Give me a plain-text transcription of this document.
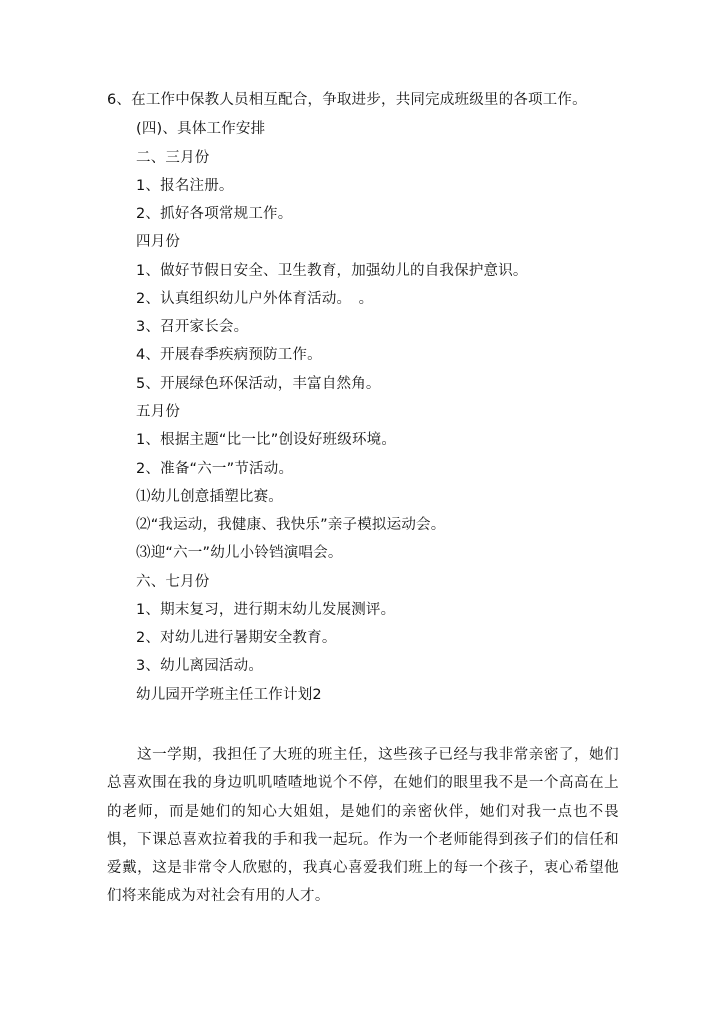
6、在工作中保教人员相互配合，争取进步，共同完成班级里的各项工作。
(四)、具体工作安排
二、三月份
1、报名注册。
2、抓好各项常规工作。
四月份
1、做好节假日安全、卫生教育，加强幼儿的自我保护意识。
2、认真组织幼儿户外体育活动。　。
3、召开家长会。
4、开展春季疾病预防工作。
5、开展绿色环保活动，丰富自然角。
五月份
1、根据主题“比一比”创设好班级环境。
2、准备“六一”节活动。
⑴幼儿创意插塑比赛。
⑵“我运动，我健康、我快乐”亲子模拟运动会。
⑶迎“六一”幼儿小铃铛演唱会。
六、七月份
1、期末复习，进行期末幼儿发展测评。
2、对幼儿进行暑期安全教育。
3、幼儿离园活动。
幼儿园开学班主任工作计划2
这一学期，我担任了大班的班主任，这些孩子已经与我非常亲密了，她们总喜欢围在我的身边叽叽喳喳地说个不停，在她们的眼里我不是一个高高在上的老师，而是她们的知心大姐姐，是她们的亲密伙伴，她们对我一点也不畏惧，下课总喜欢拉着我的手和我一起玩。作为一个老师能得到孩子们的信任和爱戴，这是非常令人欣慰的，我真心喜爱我们班上的每一个孩子，衷心希望他们将来能成为对社会有用的人才。
